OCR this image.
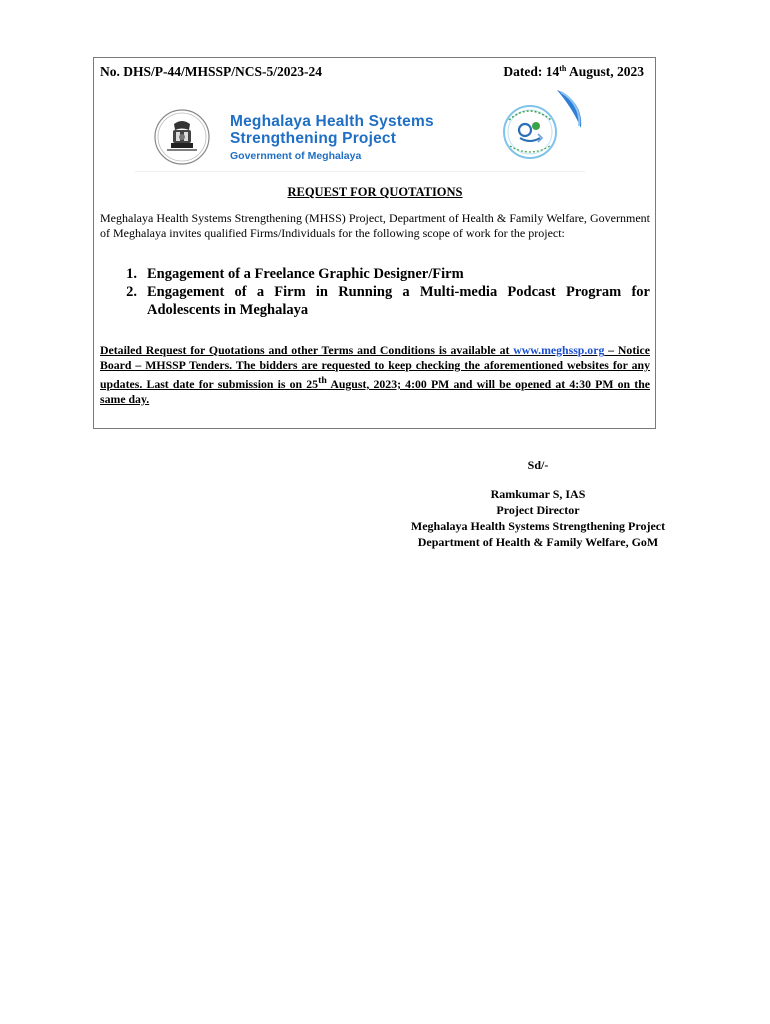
No. DHS/P-44/MHSSP/NCS-5/2023-24	Dated: 14th August, 2023
Meghalaya Health Systems
Strengthening Project
Government of Meghalaya
REQUEST FOR QUOTATIONS
Meghalaya Health Systems Strengthening (MHSS) Project, Department of Health & Family Welfare, Government of Meghalaya invites qualified Firms/Individuals for the following scope of work for the project:
1. Engagement of a Freelance Graphic Designer/Firm
2. Engagement of a Firm in Running a Multi-media Podcast Program for Adolescents in Meghalaya
Detailed Request for Quotations and other Terms and Conditions is available at www.meghssp.org – Notice Board – MHSSP Tenders. The bidders are requested to keep checking the aforementioned websites for any updates. Last date for submission is on 25th August, 2023; 4:00 PM and will be opened at 4:30 PM on the same day.
Sd/-
Ramkumar S, IAS
Project Director
Meghalaya Health Systems Strengthening Project
Department of Health & Family Welfare, GoM
